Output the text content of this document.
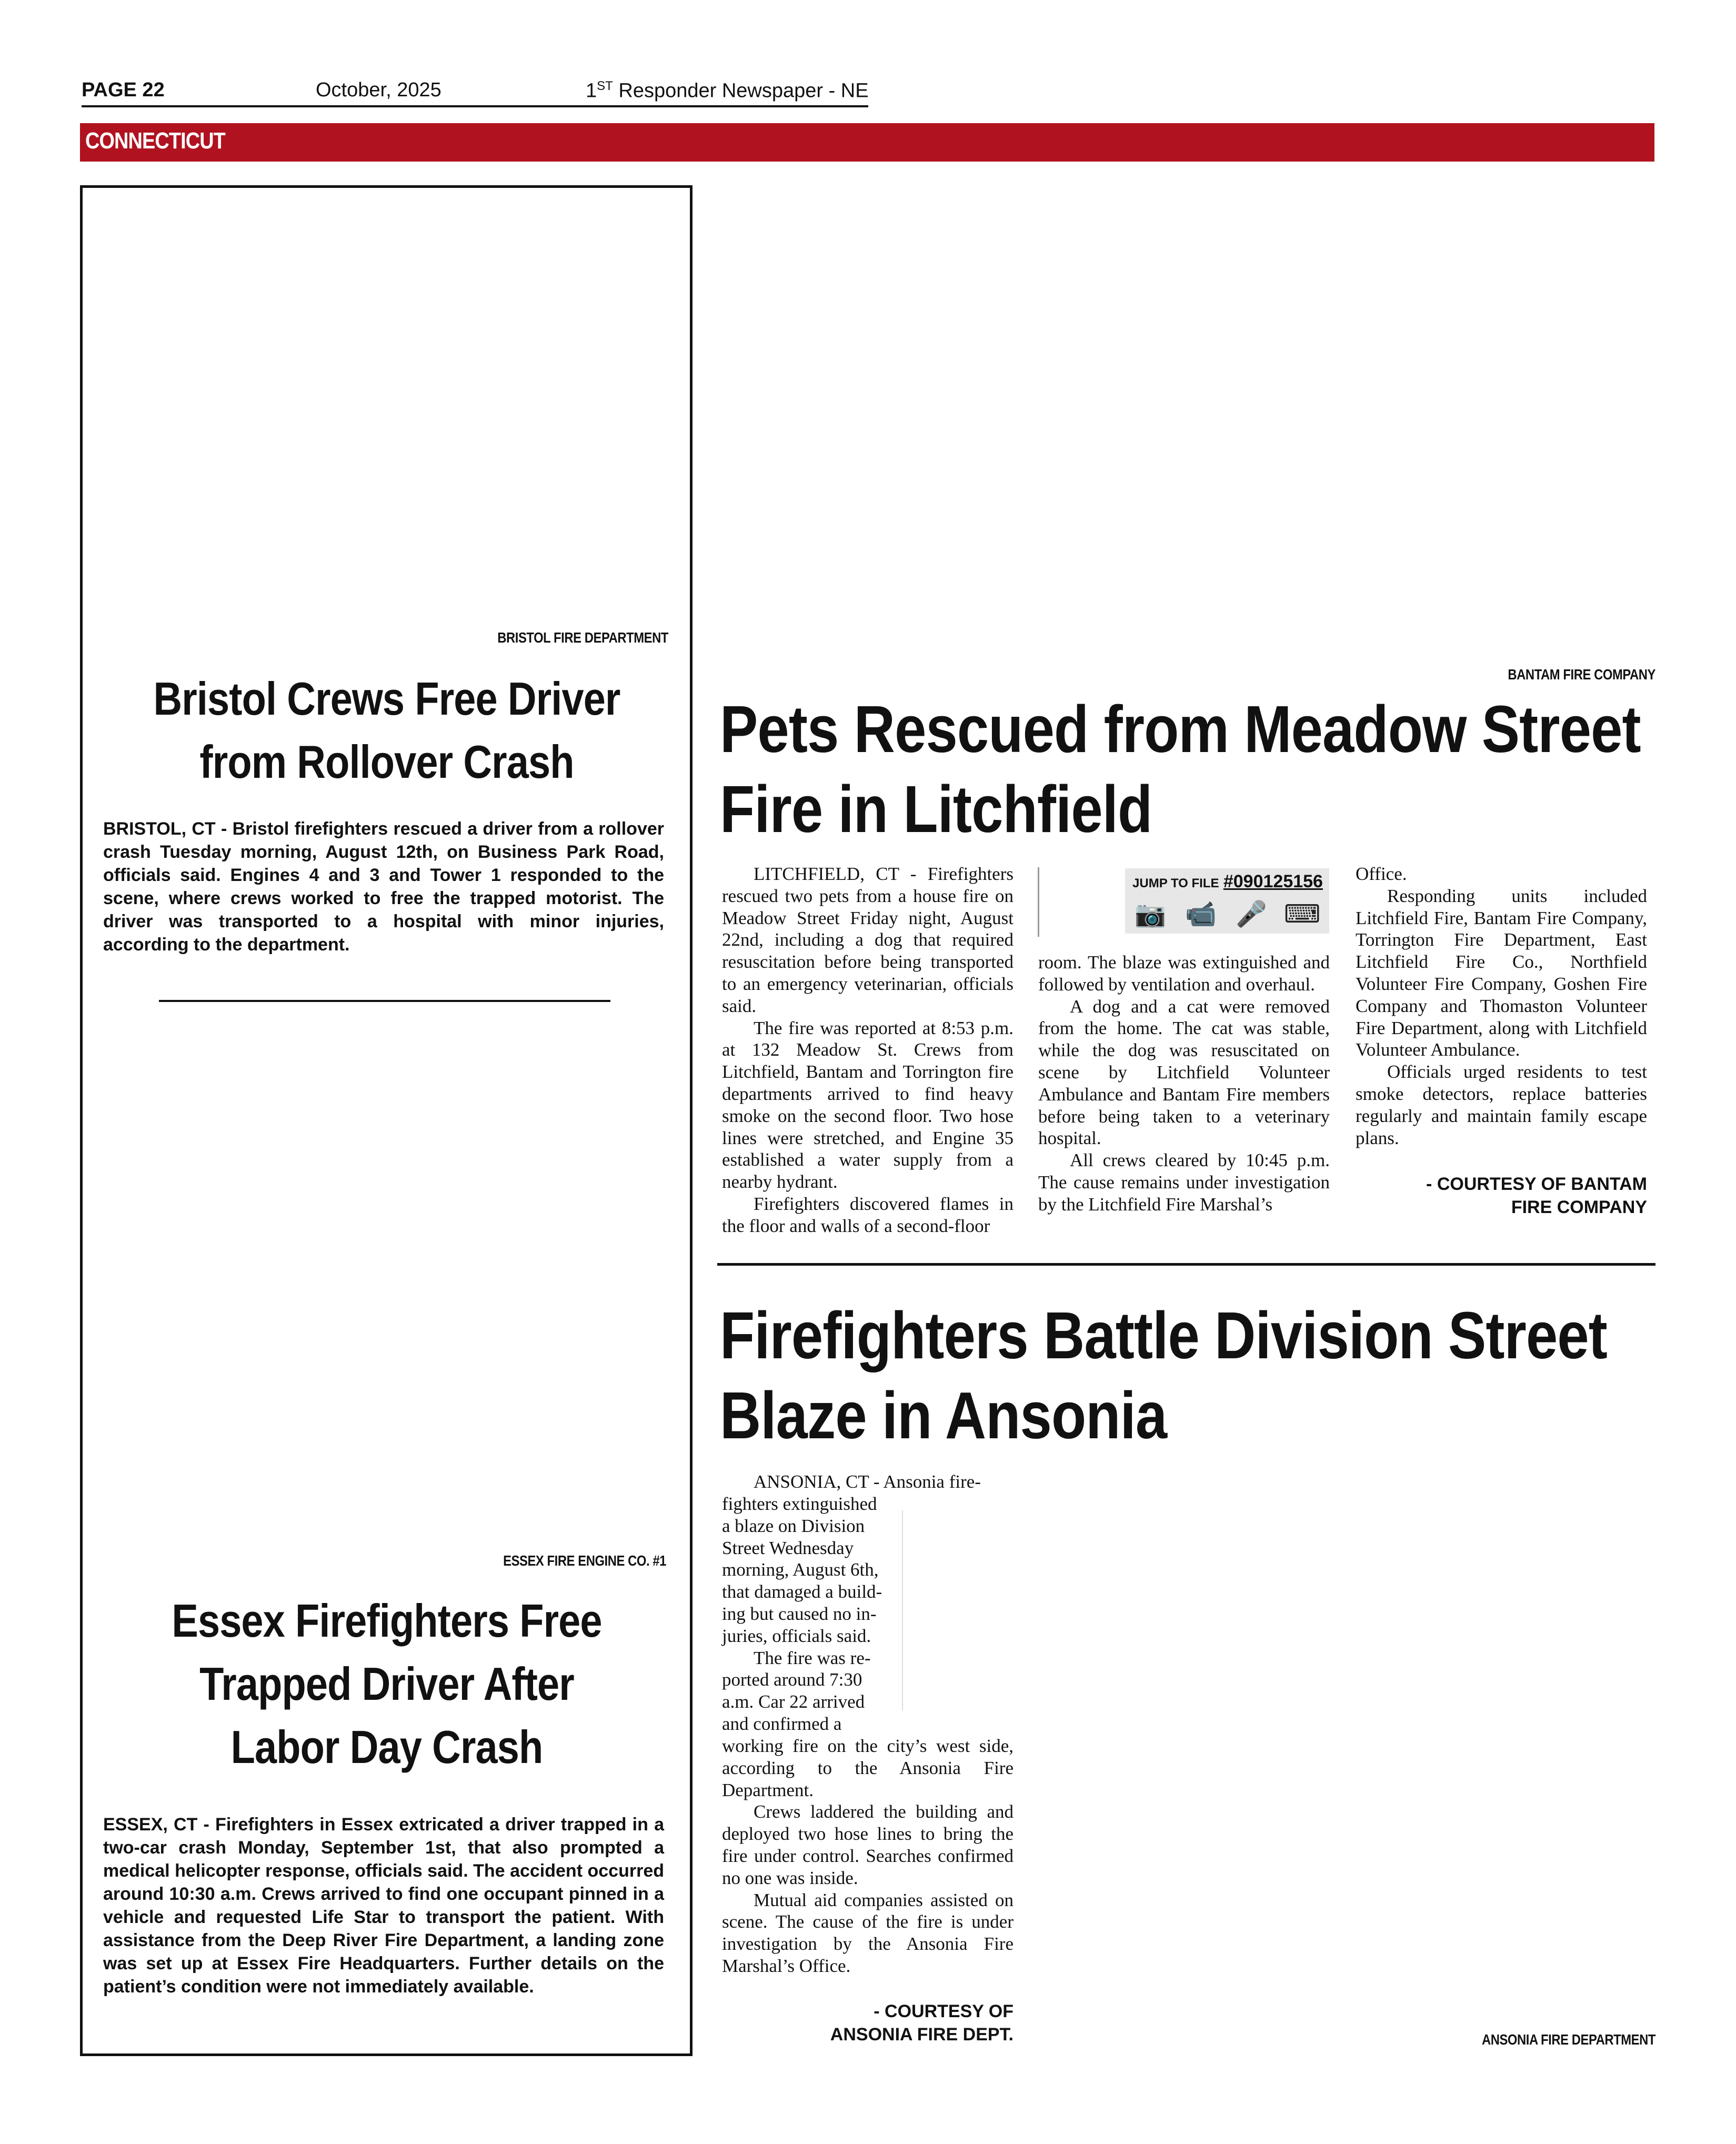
PAGE 22	October, 2025	1ST Responder Newspaper - NE
CONNECTICUT
BRISTOL FIRE DEPARTMENT
Bristol Crews Free Driver
from Rollover Crash
BRISTOL, CT - Bristol firefighters rescued a driver from a rollover crash Tuesday morning, August 12th, on Business Park Road, officials said. Engines 4 and 3 and Tower 1 responded to the scene, where crews worked to free the trapped motorist. The driver was transported to a hospital with minor injuries, according to the department.
ESSEX FIRE ENGINE CO. #1
Essex Firefighters Free
Trapped Driver After
Labor Day Crash
ESSEX, CT - Firefighters in Essex extricated a driver trapped in a two-car crash Monday, September 1st, that also prompted a medical helicopter response, officials said. The accident occurred around 10:30 a.m. Crews arrived to find one occupant pinned in a vehicle and requested Life Star to transport the patient. With assistance from the Deep River Fire Department, a landing zone was set up at Essex Fire Headquarters. Further details on the patient’s condition were not immediately available.
BANTAM FIRE COMPANY
Pets Rescued from Meadow Street
Fire in Litchfield

LITCHFIELD, CT - Firefighters rescued two pets from a house fire on Meadow Street Friday night, August 22nd, including a dog that required resuscitation before being transported to an emergency veterinarian, officials said.

The fire was reported at 8:53 p.m. at 132 Meadow St. Crews from Litchfield, Bantam and Torrington fire departments arrived to find heavy smoke on the second floor. Two hose lines were stretched, and Engine 35 established a water supply from a nearby hydrant.

Firefighters discovered flames in the floor and walls of a second-floor

JUMP TO FILE #090125156
📷 📹 🎤 ⌨

room. The blaze was extinguished and followed by ventilation and overhaul.

A dog and a cat were removed from the home. The cat was stable, while the dog was resuscitated on scene by Litchfield Volunteer Ambulance and Bantam Fire members before being taken to a veterinary hospital.

All crews cleared by 10:45 p.m. The cause remains under investigation by the Litchfield Fire Marshal’s

Office.

Responding units included Litchfield Fire, Bantam Fire Company, Torrington Fire Department, East Litchfield Fire Co., Northfield Volunteer Fire Company, Goshen Fire Company and Thomaston Volunteer Fire Department, along with Litchfield Volunteer Ambulance.

Officials urged residents to test smoke detectors, replace batteries regularly and maintain family escape plans.

- COURTESY OF BANTAM
FIRE COMPANY
Firefighters Battle Division Street
Blaze in Ansonia

ANSONIA, CT - Ansonia fire-

fighters extinguished

a blaze on Division

Street Wednesday

morning, August 6th,

that damaged a build-

ing but caused no in-

juries, officials said.

The fire was re-

ported around 7:30

a.m. Car 22 arrived

and confirmed a

working fire on the city’s west side, according to the Ansonia Fire Department.

Crews laddered the building and deployed two hose lines to bring the fire under control. Searches confirmed no one was inside.

Mutual aid companies assisted on scene. The cause of the fire is under investigation by the Ansonia Fire Marshal’s Office.

- COURTESY OF
ANSONIA FIRE DEPT.	ANSONIA FIRE DEPARTMENT
